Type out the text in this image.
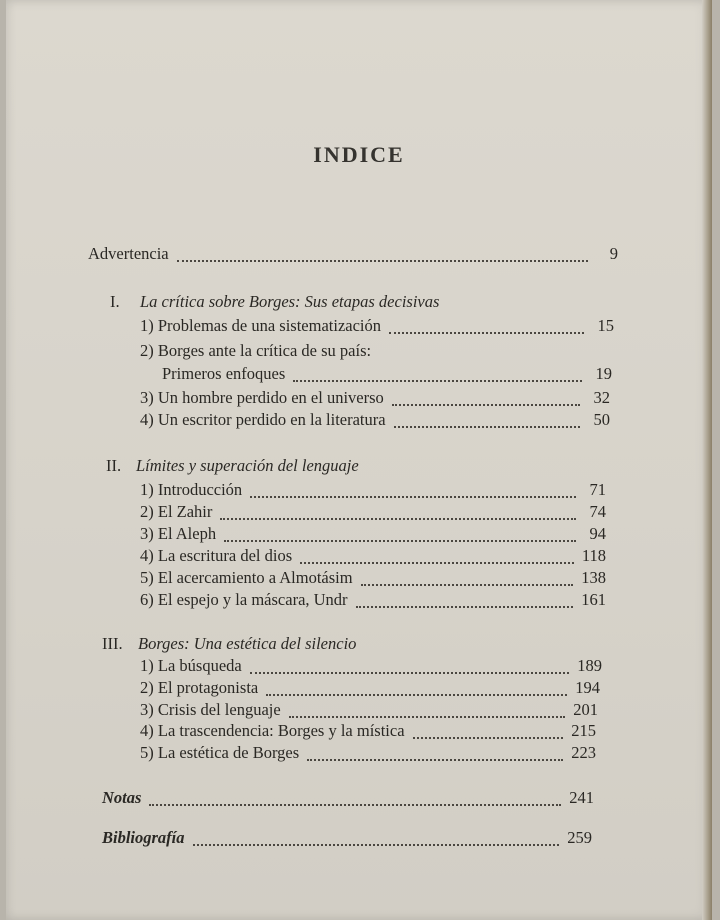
INDICE
Advertencia	9
I. La crítica sobre Borges: Sus etapas decisivas
1) Problemas de una sistematización	15
2) Borges ante la crítica de su país:
Primeros enfoques	19
3) Un hombre perdido en el universo	32
4) Un escritor perdido en la literatura	50
II. Límites y superación del lenguaje
1) Introducción	71
2) El Zahir	74
3) El Aleph	94
4) La escritura del dios	118
5) El acercamiento a Almotásim	138
6) El espejo y la máscara, Undr	161
III. Borges: Una estética del silencio
1) La búsqueda	189
2) El protagonista	194
3) Crisis del lenguaje	201
4) La trascendencia: Borges y la mística	215
5) La estética de Borges	223
Notas	241
Bibliografía	259
